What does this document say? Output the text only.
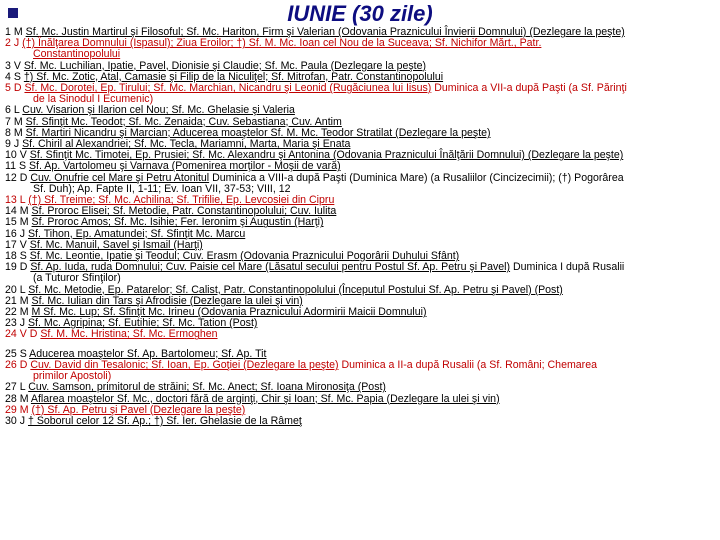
IUNIE (30 zile)
1 M Sf. Mc. Justin Martirul şi Filosoful; Sf. Mc. Hariton, Firm şi Valerian (Odovania Praznicului Învierii Domnului) (Dezlegare la peşte)
2 J (†) Înălţarea Domnului (Ispasul); Ziua Eroilor; †) Sf. M. Mc. Ioan cel Nou de la Suceava; Sf. Nichifor Mărt., Patr.
Constantinopolului
3 V Sf. Mc. Luchilian, Ipatie, Pavel, Dionisie şi Claudie; Sf. Mc. Paula (Dezlegare la peşte)
4 S †) Sf. Mc. Zotic, Atal, Camasie şi Filip de la Niculiţel; Sf. Mitrofan, Patr. Constantinopolului
5 D Sf. Mc. Dorotei, Ep. Tirului; Sf. Mc. Marchian, Nicandru şi Leonid (Rugăciunea lui Iisus) Duminica a VII-a după Paşti (a Sf. Părinţi
de la Sinodul I Ecumenic)
6 L Cuv. Visarion şi Ilarion cel Nou; Sf. Mc. Ghelasie şi Valeria
7 M Sf. Sfinţit Mc. Teodot; Sf. Mc. Zenaida; Cuv. Sebastiana; Cuv. Antim
8 M Sf. Martiri Nicandru şi Marcian; Aducerea moaştelor Sf. M. Mc. Teodor Stratilat (Dezlegare la peşte)
9 J Sf. Chiril al Alexandriei; Sf. Mc. Tecla, Mariamni, Marta, Maria şi Enata
10 V Sf. Sfinţit Mc. Timotei, Ep. Prusiei; Sf. Mc. Alexandru şi Antonina (Odovania Praznicului Înălţării Domnului) (Dezlegare la peşte)
11 S Sf. Ap. Vartolomeu şi Varnava (Pomenirea morţilor - Moşii de vară)
12 D Cuv. Onufrie cel Mare şi Petru Atonitul Duminica a VIII-a după Paşti (Duminica Mare) (a Rusaliilor (Cincizecimii); (†) Pogorârea
Sf. Duh); Ap. Fapte II, 1-11; Ev. Ioan VII, 37-53; VIII, 12
13 L (†) Sf. Treime; Sf. Mc. Achilina; Sf. Trifilie, Ep. Levcosiei din Cipru
14 M Sf. Proroc Elisei; Sf. Metodie, Patr. Constantinopolului; Cuv. Iulita
15 M Sf. Proroc Amos; Sf. Mc. Isihie; Fer. Ieronim şi Augustin (Harţi)
16 J Sf. Tihon, Ep. Amatundei; Sf. Sfinţit Mc. Marcu
17 V Sf. Mc. Manuil, Savel şi Ismail (Harţi)
18 S Sf. Mc. Leontie, Ipatie şi Teodul; Cuv. Erasm (Odovania Praznicului Pogorârii Duhului Sfânt)
19 D Sf. Ap. Iuda, ruda Domnului; Cuv. Paisie cel Mare (Lăsatul secului pentru Postul Sf. Ap. Petru şi Pavel) Duminica I după Rusalii
(a Tuturor Sfinţilor)
20 L Sf. Mc. Metodie, Ep. Patarelor; Sf. Calist, Patr. Constantinopolului (Începutul Postului Sf. Ap. Petru şi Pavel) (Post)
21 M Sf. Mc. Iulian din Tars şi Afrodisie (Dezlegare la ulei şi vin)
22 M M Sf. Mc. Lup; Sf. Sfinţit Mc. Irineu (Odovania Praznicului Adormirii Maicii Domnului)
23 J Sf. Mc. Agripina; Sf. Eutihie; Sf. Mc. Tation (Post)
24 V D Sf. M. Mc. Hristina; Sf. Mc. Ermoghen
25 S Aducerea moaştelor Sf. Ap. Bartolomeu; Sf. Ap. Tit
26 D Cuv. David din Tesalonic; Sf. Ioan, Ep. Goţiei (Dezlegare la peşte) Duminica a II-a după Rusalii (a Sf. Români; Chemarea
primilor Apostoli)
27 L Cuv. Samson, primitorul de străini; Sf. Mc. Anect; Sf. Ioana Mironosiţa (Post)
28 M Aflarea moaştelor Sf. Mc., doctori fără de arginţi, Chir şi Ioan; Sf. Mc. Papia (Dezlegare la ulei şi vin)
29 M (†) Sf. Ap. Petru şi Pavel (Dezlegare la peşte)
30 J † Soborul celor 12 Sf. Ap.; †) Sf. Ier. Ghelasie de la Râmeţ
